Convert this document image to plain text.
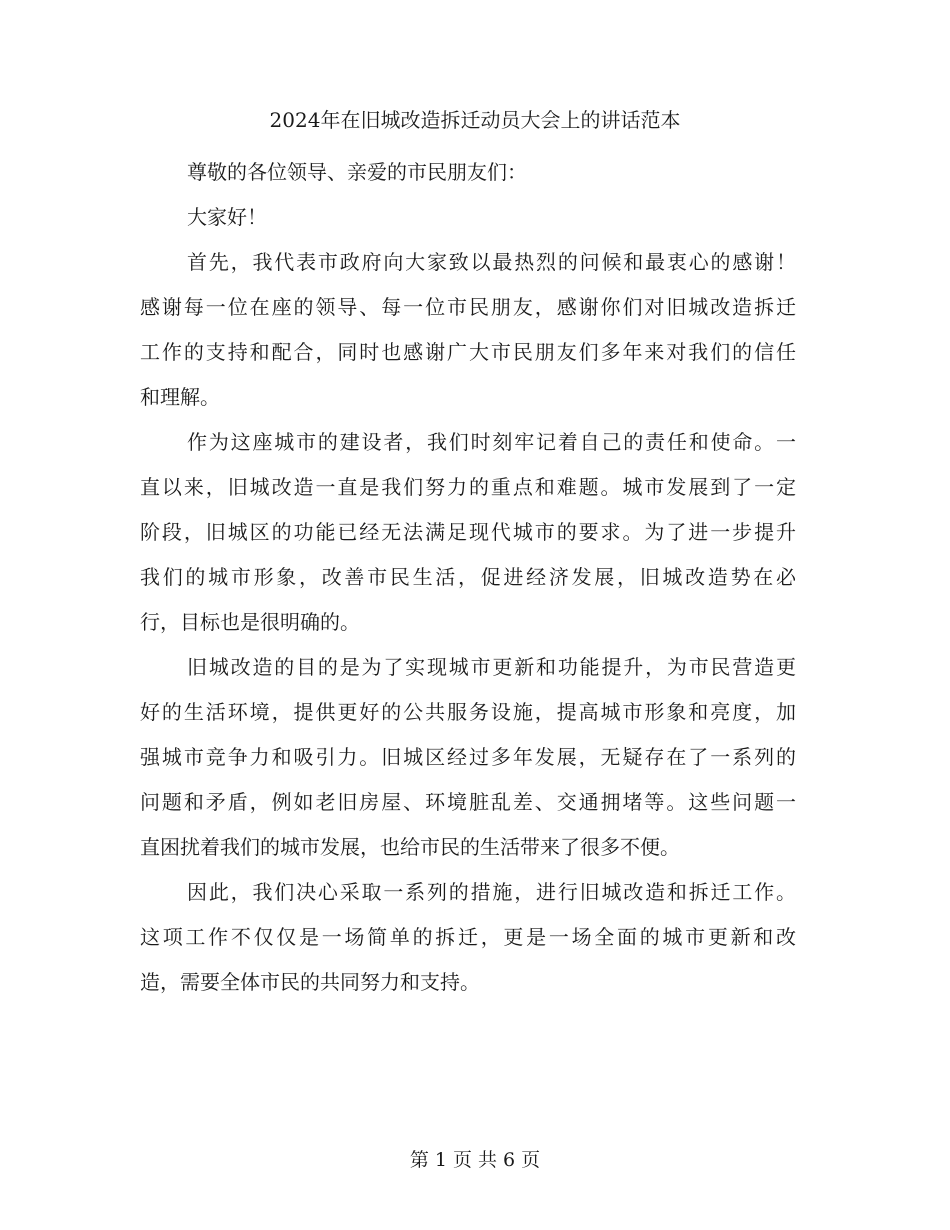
2024年在旧城改造拆迁动员大会上的讲话范本
尊敬的各位领导、亲爱的市民朋友们：
大家好！
首先，我代表市政府向大家致以最热烈的问候和最衷心的感谢！
感谢每一位在座的领导、每一位市民朋友，感谢你们对旧城改造拆迁
工作的支持和配合，同时也感谢广大市民朋友们多年来对我们的信任
和理解。
作为这座城市的建设者，我们时刻牢记着自己的责任和使命。一
直以来，旧城改造一直是我们努力的重点和难题。城市发展到了一定
阶段，旧城区的功能已经无法满足现代城市的要求。为了进一步提升
我们的城市形象，改善市民生活，促进经济发展，旧城改造势在必
行，目标也是很明确的。
旧城改造的目的是为了实现城市更新和功能提升，为市民营造更
好的生活环境，提供更好的公共服务设施，提高城市形象和亮度，加
强城市竞争力和吸引力。旧城区经过多年发展，无疑存在了一系列的
问题和矛盾，例如老旧房屋、环境脏乱差、交通拥堵等。这些问题一
直困扰着我们的城市发展，也给市民的生活带来了很多不便。
因此，我们决心采取一系列的措施，进行旧城改造和拆迁工作。
这项工作不仅仅是一场简单的拆迁，更是一场全面的城市更新和改
造，需要全体市民的共同努力和支持。
第 1 页 共 6 页
